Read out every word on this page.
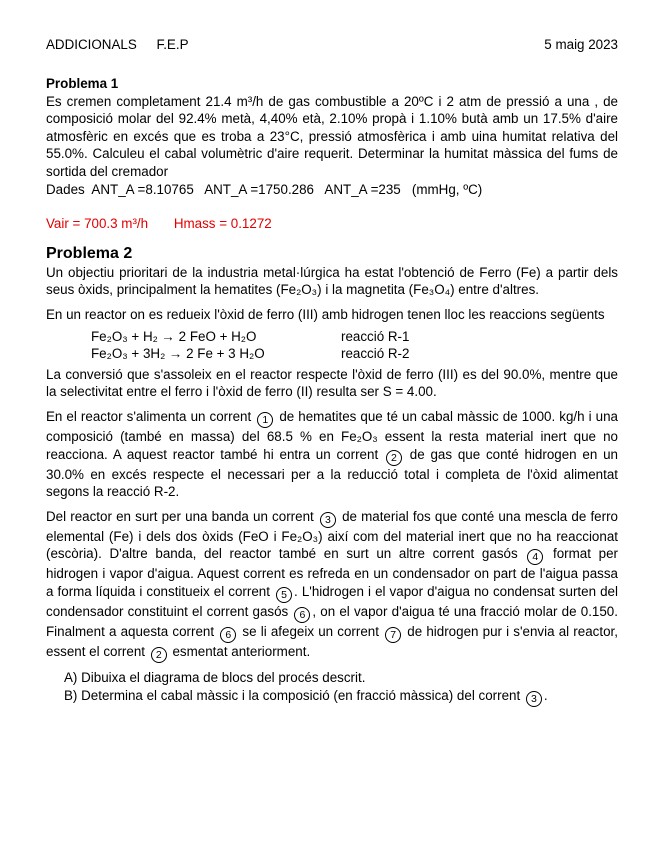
ADDICIONALS F.E.P	5 maig 2023
Problema 1

Es cremen completament 21.4 m³/h de gas combustible a 20ºC i 2 atm de pressió a una , de composició molar del 92.4% metà, 4,40% età, 2.10% propà i 1.10% butà amb un 17.5% d'aire atmosfèric en excés que es troba a 23°C, pressió atmosfèrica i amb uina humitat relativa del 55.0%. Calculeu el cabal volumètric d'aire requerit. Determinar la humitat màssica del fums de sortida del cremador

Dades  ANT_A =8.10765   ANT_A =1750.286   ANT_A =235   (mmHg, ºC)
Vair = 700.3 m³/h Hmass = 0.1272
Problema 2

Un objectiu prioritari de la industria metal·lúrgica ha estat l'obtenció de Ferro (Fe) a partir dels seus òxids, principalment la hematites (Fe₂O₃) i la magnetita (Fe₃O₄) entre d'altres.

En un reactor on es redueix l'òxid de ferro (III) amb hidrogen tenen lloc les reaccions següents

Fe₂O₃ + H₂ → 2 FeO + H₂O	reacció R-1
Fe₂O₃ + 3H₂ → 2 Fe + 3 H₂O	reacció R-2

La conversió que s'assoleix en el reactor respecte l'òxid de ferro (III) es del 90.0%, mentre que la selectivitat entre el ferro i l'òxid de ferro (II) resulta ser S = 4.00.

En el reactor s'alimenta un corrent 1 de hematites que té un cabal màssic de 1000. kg/h i una composició (també en massa) del 68.5 % en Fe₂O₃ essent la resta material inert que no reacciona. A aquest reactor també hi entra un corrent 2 de gas que conté hidrogen en un 30.0% en excés respecte el necessari per a la reducció total i completa de l'òxid alimentat segons la reacció R-2.

Del reactor en surt per una banda un corrent 3 de material fos que conté una mescla de ferro elemental (Fe) i dels dos òxids (FeO i Fe₂O₃) així com del material inert que no ha reaccionat (escòria). D'altre banda, del reactor també en surt un altre corrent gasós 4 format per hidrogen i vapor d'aigua. Aquest corrent es refreda en un condensador on part de l'aigua passa a forma líquida i constitueix el corrent 5 . L'hidrogen i el vapor d'aigua no condensat surten del condensador constituint el corrent gasós 6 , on el vapor d'aigua té una fracció molar de 0.150. Finalment a aquesta corrent 6 se li afegeix un corrent 7 de hidrogen pur i s'envia al reactor, essent el corrent 2 esmentat anteriorment.

A) Dibuixa el diagrama de blocs del procés descrit.
B) Determina el cabal màssic i la composició (en fracció màssica) del corrent 3 .
